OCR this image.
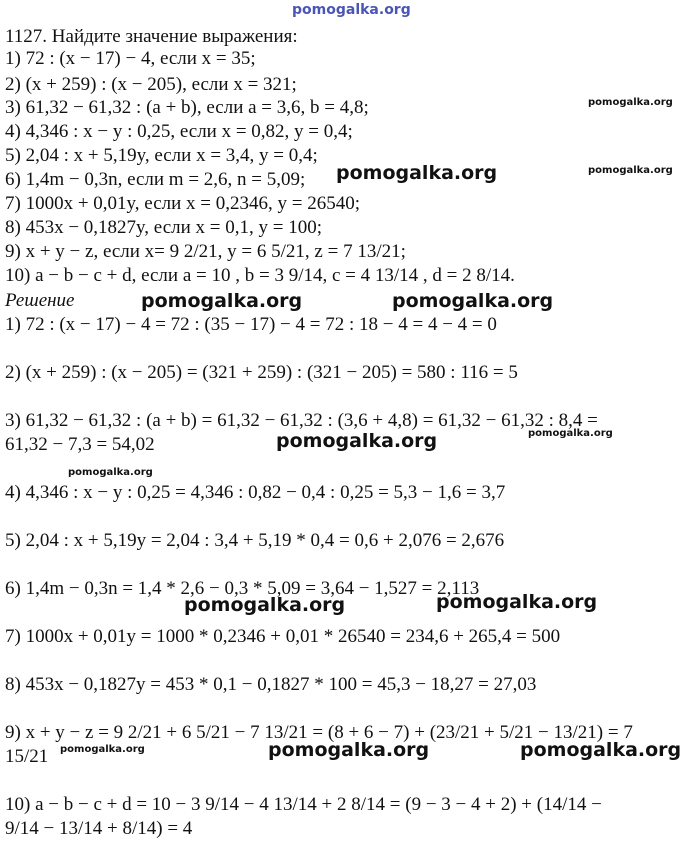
pomogalka.org

1127. Найдите значение выражения:

1) 72 : (x − 17) − 4, если x = 35;

2) (x + 259) : (x − 205), если x = 321;

3) 61,32 − 61,32 : (a + b), если a = 3,6, b = 4,8;

4) 4,346 : x − y : 0,25, если x = 0,82, y = 0,4;

5) 2,04 : x + 5,19y, если x = 3,4, y = 0,4;

6) 1,4m − 0,3n, если m = 2,6, n = 5,09;

7) 1000x + 0,01y, если x = 0,2346, y = 26540;

8) 453x − 0,1827y, если x = 0,1, y = 100;

9) x + y − z, если x= 9 2/21, y = 6 5/21, z = 7 13/21;

10) a − b − c + d, если a = 10 , b = 3 9/14, c = 4 13/14 , d = 2 8/14.

Решение

1) 72 : (x − 17) − 4 = 72 : (35 − 17) − 4 = 72 : 18 − 4 = 4 − 4 = 0

2) (x + 259) : (x − 205) = (321 + 259) : (321 − 205) = 580 : 116 = 5

3) 61,32 − 61,32 : (a + b) = 61,32 − 61,32 : (3,6 + 4,8) = 61,32 − 61,32 : 8,4 =

61,32 − 7,3 = 54,02

4) 4,346 : x − y : 0,25 = 4,346 : 0,82 − 0,4 : 0,25 = 5,3 − 1,6 = 3,7

5) 2,04 : x + 5,19y = 2,04 : 3,4 + 5,19 * 0,4 = 0,6 + 2,076 = 2,676

6) 1,4m − 0,3n = 1,4 * 2,6 − 0,3 * 5,09 = 3,64 − 1,527 = 2,113

7) 1000x + 0,01y = 1000 * 0,2346 + 0,01 * 26540 = 234,6 + 265,4 = 500

8) 453x − 0,1827y = 453 * 0,1 − 0,1827 * 100 = 45,3 − 18,27 = 27,03

9) x + y − z = 9 2/21 + 6 5/21 − 7 13/21 = (8 + 6 − 7) + (23/21 + 5/21 − 13/21) = 7

15/21

10) a − b − c + d = 10 − 3 9/14 − 4 13/14 + 2 8/14 = (9 − 3 − 4 + 2) + (14/14 −

9/14 − 13/14 + 8/14) = 4

pomogalka.org
pomogalka.org
pomogalka.org
pomogalka.org	pomogalka.org
pomogalka.org	pomogalka.org
pomogalka.org
pomogalka.org	pomogalka.org
pomogalka.org	pomogalka.org	pomogalka.org
